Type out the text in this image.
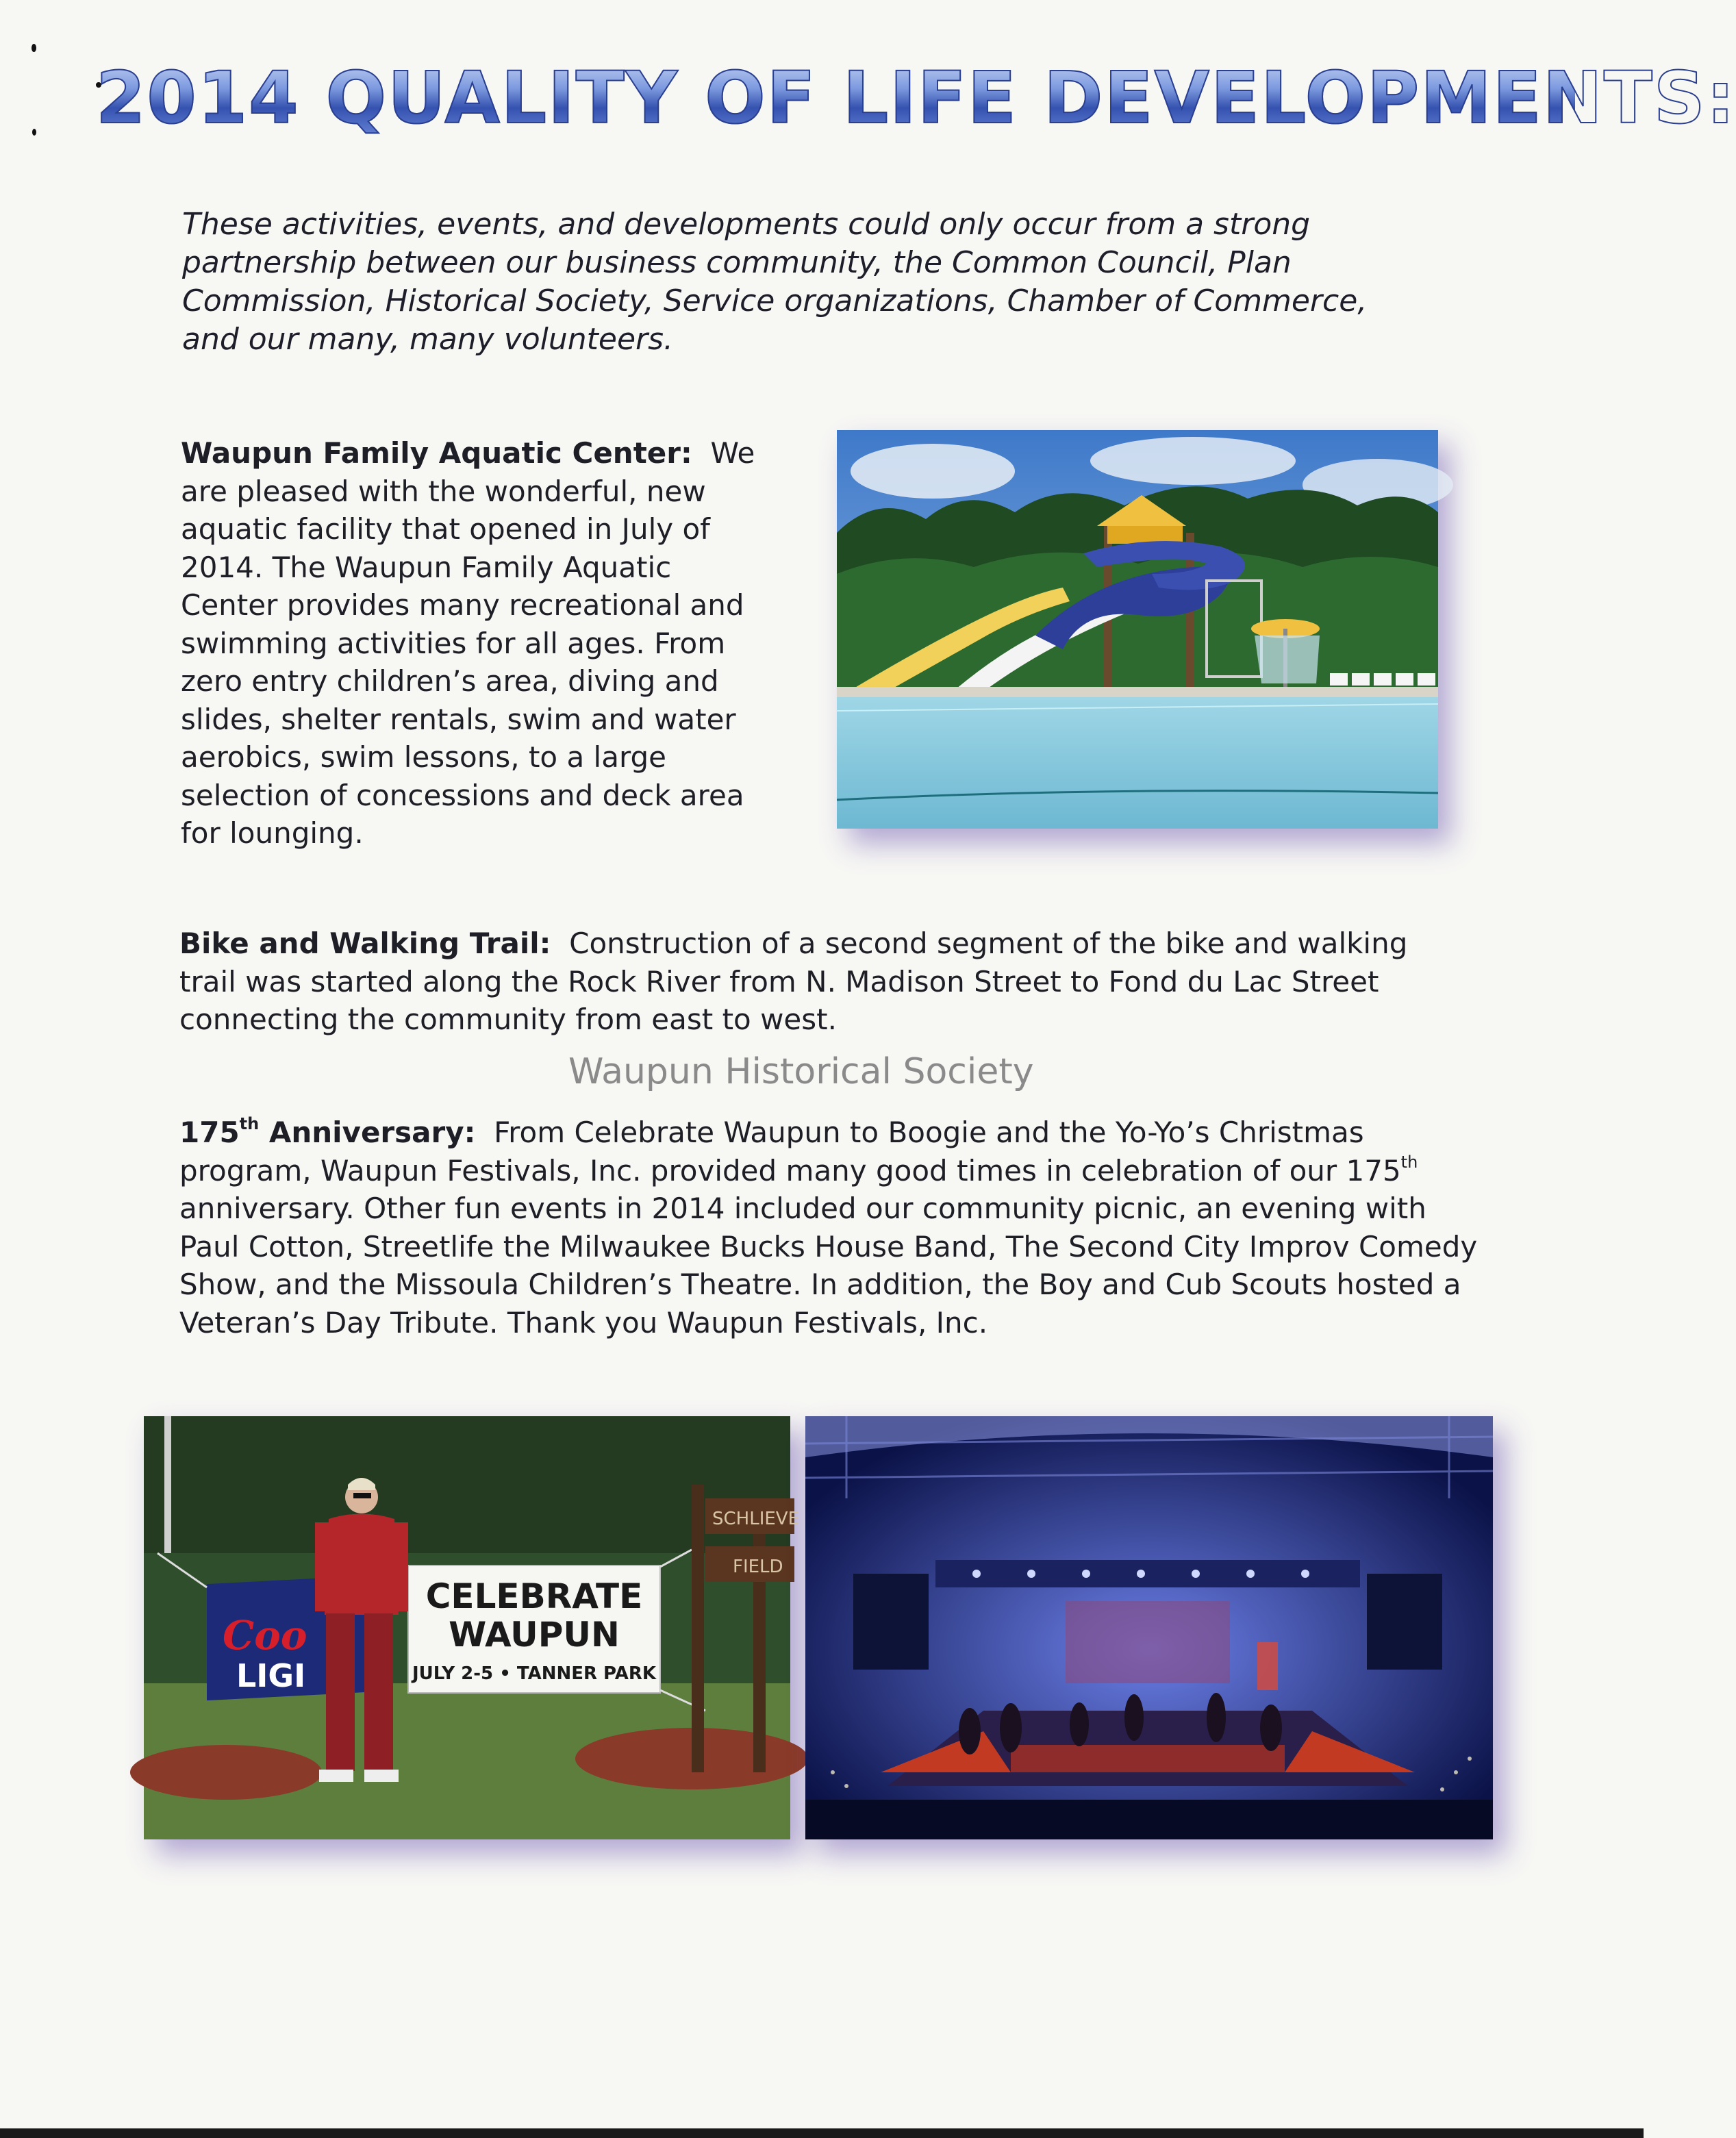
2014 QUALITY OF LIFE DEVELOPMENTS:
These activities, events, and developments could only occur from a strong partnership between our business community, the Common Council, Plan Commission, Historical Society, Service organizations, Chamber of Commerce, and our many, many volunteers.
Waupun Family Aquatic Center: We are pleased with the wonderful, new aquatic facility that opened in July of 2014. The Waupun Family Aquatic Center provides many recreational and swimming activities for all ages. From zero entry children’s area, diving and slides, shelter rentals, swim and water aerobics, swim lessons, to a large selection of concessions and deck area for lounging.
Bike and Walking Trail: Construction of a second segment of the bike and walking trail was started along the Rock River from N. Madison Street to Fond du Lac Street connecting the community from east to west.
Waupun Historical Society
175th Anniversary: From Celebrate Waupun to Boogie and the Yo-Yo’s Christmas program, Waupun Festivals, Inc. provided many good times in celebration of our 175th anniversary. Other fun events in 2014 included our community picnic, an evening with Paul Cotton, Streetlife the Milwaukee Bucks House Band, The Second City Improv Comedy Show, and the Missoula Children’s Theatre. In addition, the Boy and Cub Scouts hosted a Veteran’s Day Tribute. Thank you Waupun Festivals, Inc.
Coo
LIGI
CELEBRATE
WAUPUN
JULY 2-5 • TANNER PARK
SCHLIEVE
FIELD
